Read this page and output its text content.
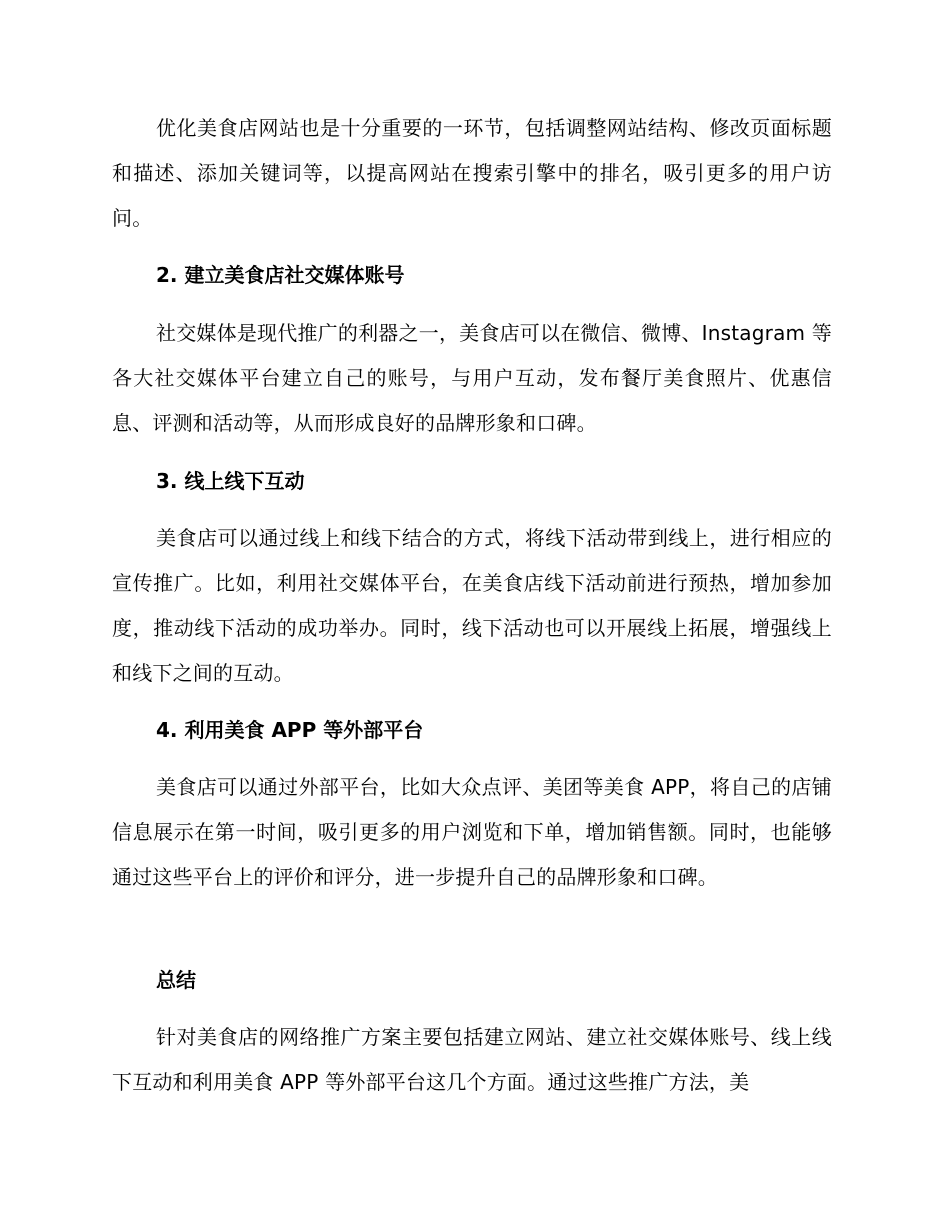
优化美食店网站也是十分重要的一环节，包括调整网站结构、修改页面标题和描述、添加关键词等，以提高网站在搜索引擎中的排名，吸引更多的用户访问。

2. 建立美食店社交媒体账号

社交媒体是现代推广的利器之一，美食店可以在微信、微博、Instagram 等各大社交媒体平台建立自己的账号，与用户互动，发布餐厅美食照片、优惠信息、评测和活动等，从而形成良好的品牌形象和口碑。

3. 线上线下互动

美食店可以通过线上和线下结合的方式，将线下活动带到线上，进行相应的宣传推广。比如，利用社交媒体平台，在美食店线下活动前进行预热，增加参加度，推动线下活动的成功举办。同时，线下活动也可以开展线上拓展，增强线上和线下之间的互动。

4. 利用美食 APP 等外部平台

美食店可以通过外部平台，比如大众点评、美团等美食 APP，将自己的店铺信息展示在第一时间，吸引更多的用户浏览和下单，增加销售额。同时，也能够通过这些平台上的评价和评分，进一步提升自己的品牌形象和口碑。

总结

针对美食店的网络推广方案主要包括建立网站、建立社交媒体账号、线上线下互动和利用美食 APP 等外部平台这几个方面。通过这些推广方法，美
